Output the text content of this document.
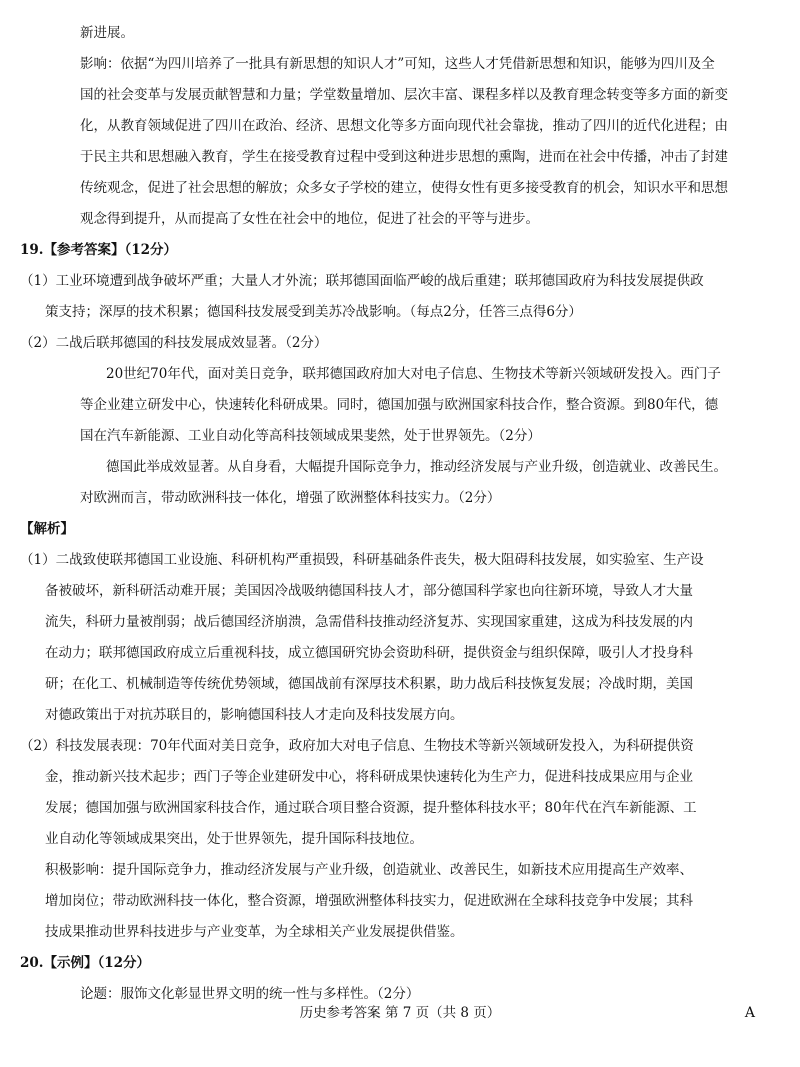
新进展。
影响：依据“为四川培养了一批具有新思想的知识人才”可知，这些人才凭借新思想和知识，能够为四川及全
国的社会变革与发展贡献智慧和力量；学堂数量增加、层次丰富、课程多样以及教育理念转变等多方面的新变
化，从教育领域促进了四川在政治、经济、思想文化等多方面向现代社会靠拢，推动了四川的近代化进程；由
于民主共和思想融入教育，学生在接受教育过程中受到这种进步思想的熏陶，进而在社会中传播，冲击了封建
传统观念，促进了社会思想的解放；众多女子学校的建立，使得女性有更多接受教育的机会，知识水平和思想
观念得到提升，从而提高了女性在社会中的地位，促进了社会的平等与进步。
19.【参考答案】（12分）
（1）工业环境遭到战争破坏严重；大量人才外流；联邦德国面临严峻的战后重建；联邦德国政府为科技发展提供政
策支持；深厚的技术积累；德国科技发展受到美苏冷战影响。（每点2分，任答三点得6分）
（2）二战后联邦德国的科技发展成效显著。（2分）
20世纪70年代，面对美日竞争，联邦德国政府加大对电子信息、生物技术等新兴领域研发投入。西门子
等企业建立研发中心，快速转化科研成果。同时，德国加强与欧洲国家科技合作，整合资源。到80年代，德
国在汽车新能源、工业自动化等高科技领域成果斐然，处于世界领先。（2分）
德国此举成效显著。从自身看，大幅提升国际竞争力，推动经济发展与产业升级，创造就业、改善民生。
对欧洲而言，带动欧洲科技一体化，增强了欧洲整体科技实力。（2分）
【解析】
（1）二战致使联邦德国工业设施、科研机构严重损毁，科研基础条件丧失，极大阻碍科技发展，如实验室、生产设
备被破坏，新科研活动难开展；美国因冷战吸纳德国科技人才，部分德国科学家也向往新环境，导致人才大量
流失，科研力量被削弱；战后德国经济崩溃，急需借科技推动经济复苏、实现国家重建，这成为科技发展的内
在动力；联邦德国政府成立后重视科技，成立德国研究协会资助科研，提供资金与组织保障，吸引人才投身科
研；在化工、机械制造等传统优势领域，德国战前有深厚技术积累，助力战后科技恢复发展；冷战时期，美国
对德政策出于对抗苏联目的，影响德国科技人才走向及科技发展方向。
（2）科技发展表现：70年代面对美日竞争，政府加大对电子信息、生物技术等新兴领域研发投入，为科研提供资
金，推动新兴技术起步；西门子等企业建研发中心，将科研成果快速转化为生产力，促进科技成果应用与企业
发展；德国加强与欧洲国家科技合作，通过联合项目整合资源，提升整体科技水平；80年代在汽车新能源、工
业自动化等领域成果突出，处于世界领先，提升国际科技地位。
积极影响：提升国际竞争力，推动经济发展与产业升级，创造就业、改善民生，如新技术应用提高生产效率、
增加岗位；带动欧洲科技一体化，整合资源，增强欧洲整体科技实力，促进欧洲在全球科技竞争中发展；其科
技成果推动世界科技进步与产业变革，为全球相关产业发展提供借鉴。
20.【示例】（12分）
论题：服饰文化彰显世界文明的统一性与多样性。（2分）
历史参考答案 第 7 页（共 8 页）	A
